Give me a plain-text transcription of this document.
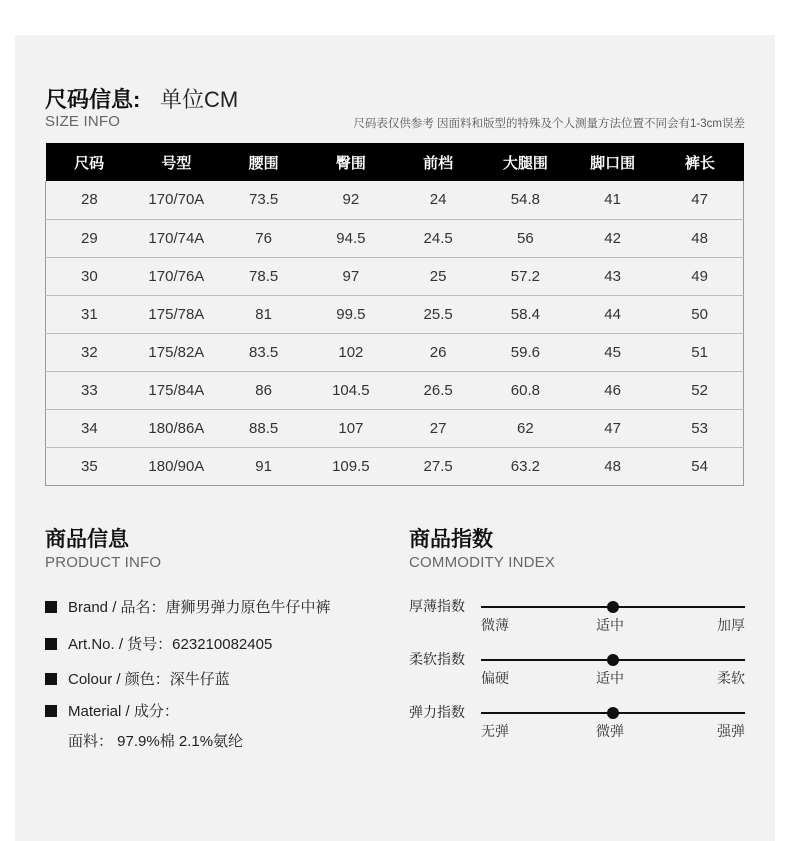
尺码信息: 单位CM
SIZE INFO	尺码表仅供参考 因面料和版型的特殊及个人测量方法位置不同会有1-3cm误差
尺码	号型	腰围	臀围	前档	大腿围	脚口围	裤长
28	170/70A	73.5	92	24	54.8	41	47
29	170/74A	76	94.5	24.5	56	42	48
30	170/76A	78.5	97	25	57.2	43	49
31	175/78A	81	99.5	25.5	58.4	44	50
32	175/82A	83.5	102	26	59.6	45	51
33	175/84A	86	104.5	26.5	60.8	46	52
34	180/86A	88.5	107	27	62	47	53
35	180/90A	91	109.5	27.5	63.2	48	54
商品信息
PRODUCT INFO
Brand / 品名：唐狮男弹力原色牛仔中裤
Art.No. / 货号：623210082405
Colour / 颜色：深牛仔蓝
Material / 成分：
面料： 97.9%棉 2.1%氨纶
商品指数
COMMODITY INDEX
厚薄指数
微薄	适中	加厚
柔软指数
偏硬	适中	柔软
弹力指数
无弹	微弹	强弹
